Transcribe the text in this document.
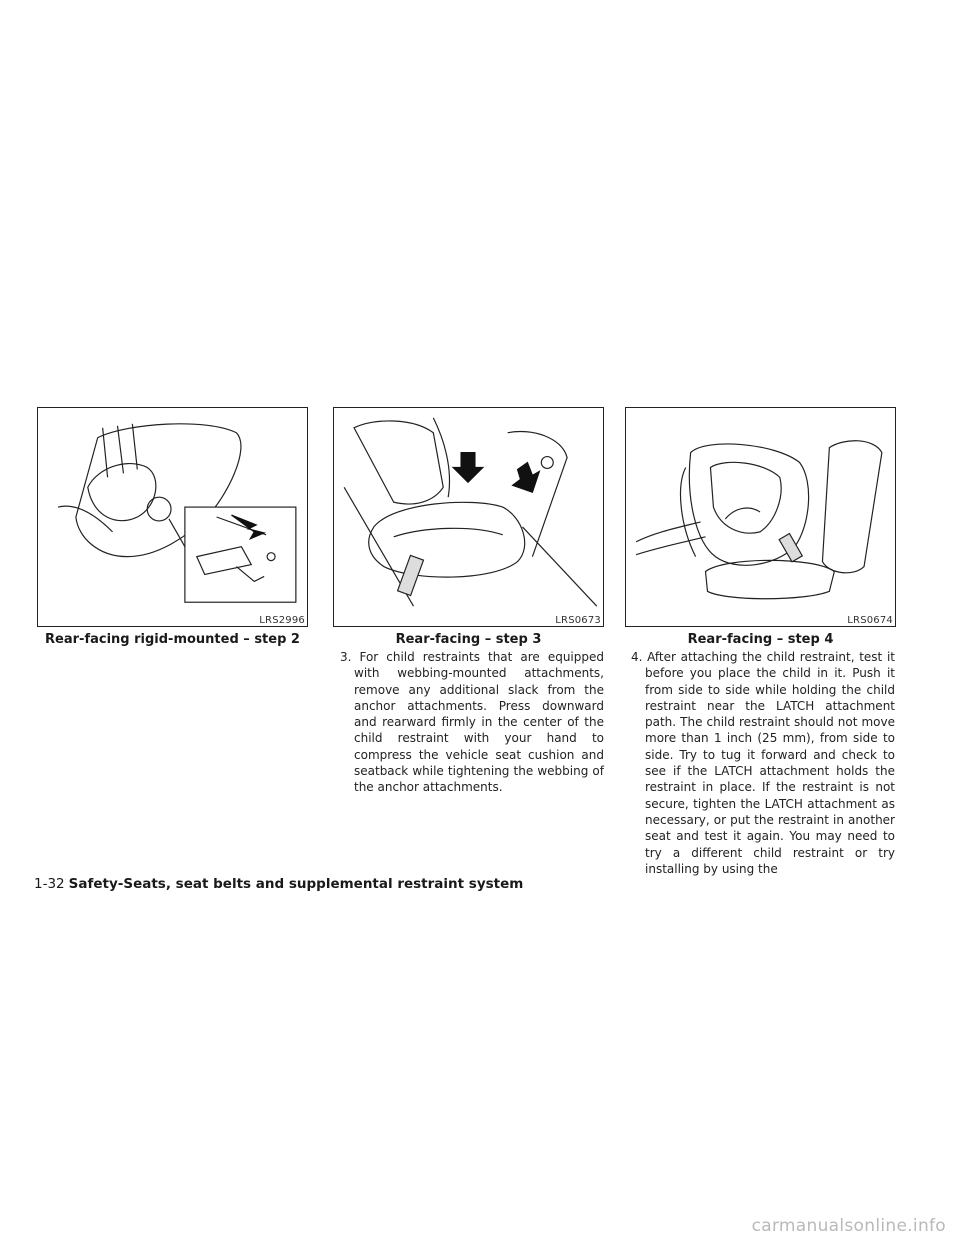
LRS2996	LRS0673	LRS0674
Rear-facing rigid-mounted – step 2	Rear-facing – step 3	Rear-facing – step 4
3. For child restraints that are equipped with webbing-mounted attachments, remove any additional slack from the anchor attachments. Press downward and rearward firmly in the center of the child restraint with your hand to compress the vehicle seat cushion and seatback while tightening the webbing of the anchor attachments.
4. After attaching the child restraint, test it before you place the child in it. Push it from side to side while holding the child restraint near the LATCH attachment path. The child restraint should not move more than 1 inch (25 mm), from side to side. Try to tug it forward and check to see if the LATCH attachment holds the restraint in place. If the restraint is not secure, tighten the LATCH attachment as necessary, or put the restraint in another seat and test it again. You may need to try a different child restraint or try installing by using the
1-32 Safety-Seats, seat belts and supplemental restraint system
carmanualsonline.info
